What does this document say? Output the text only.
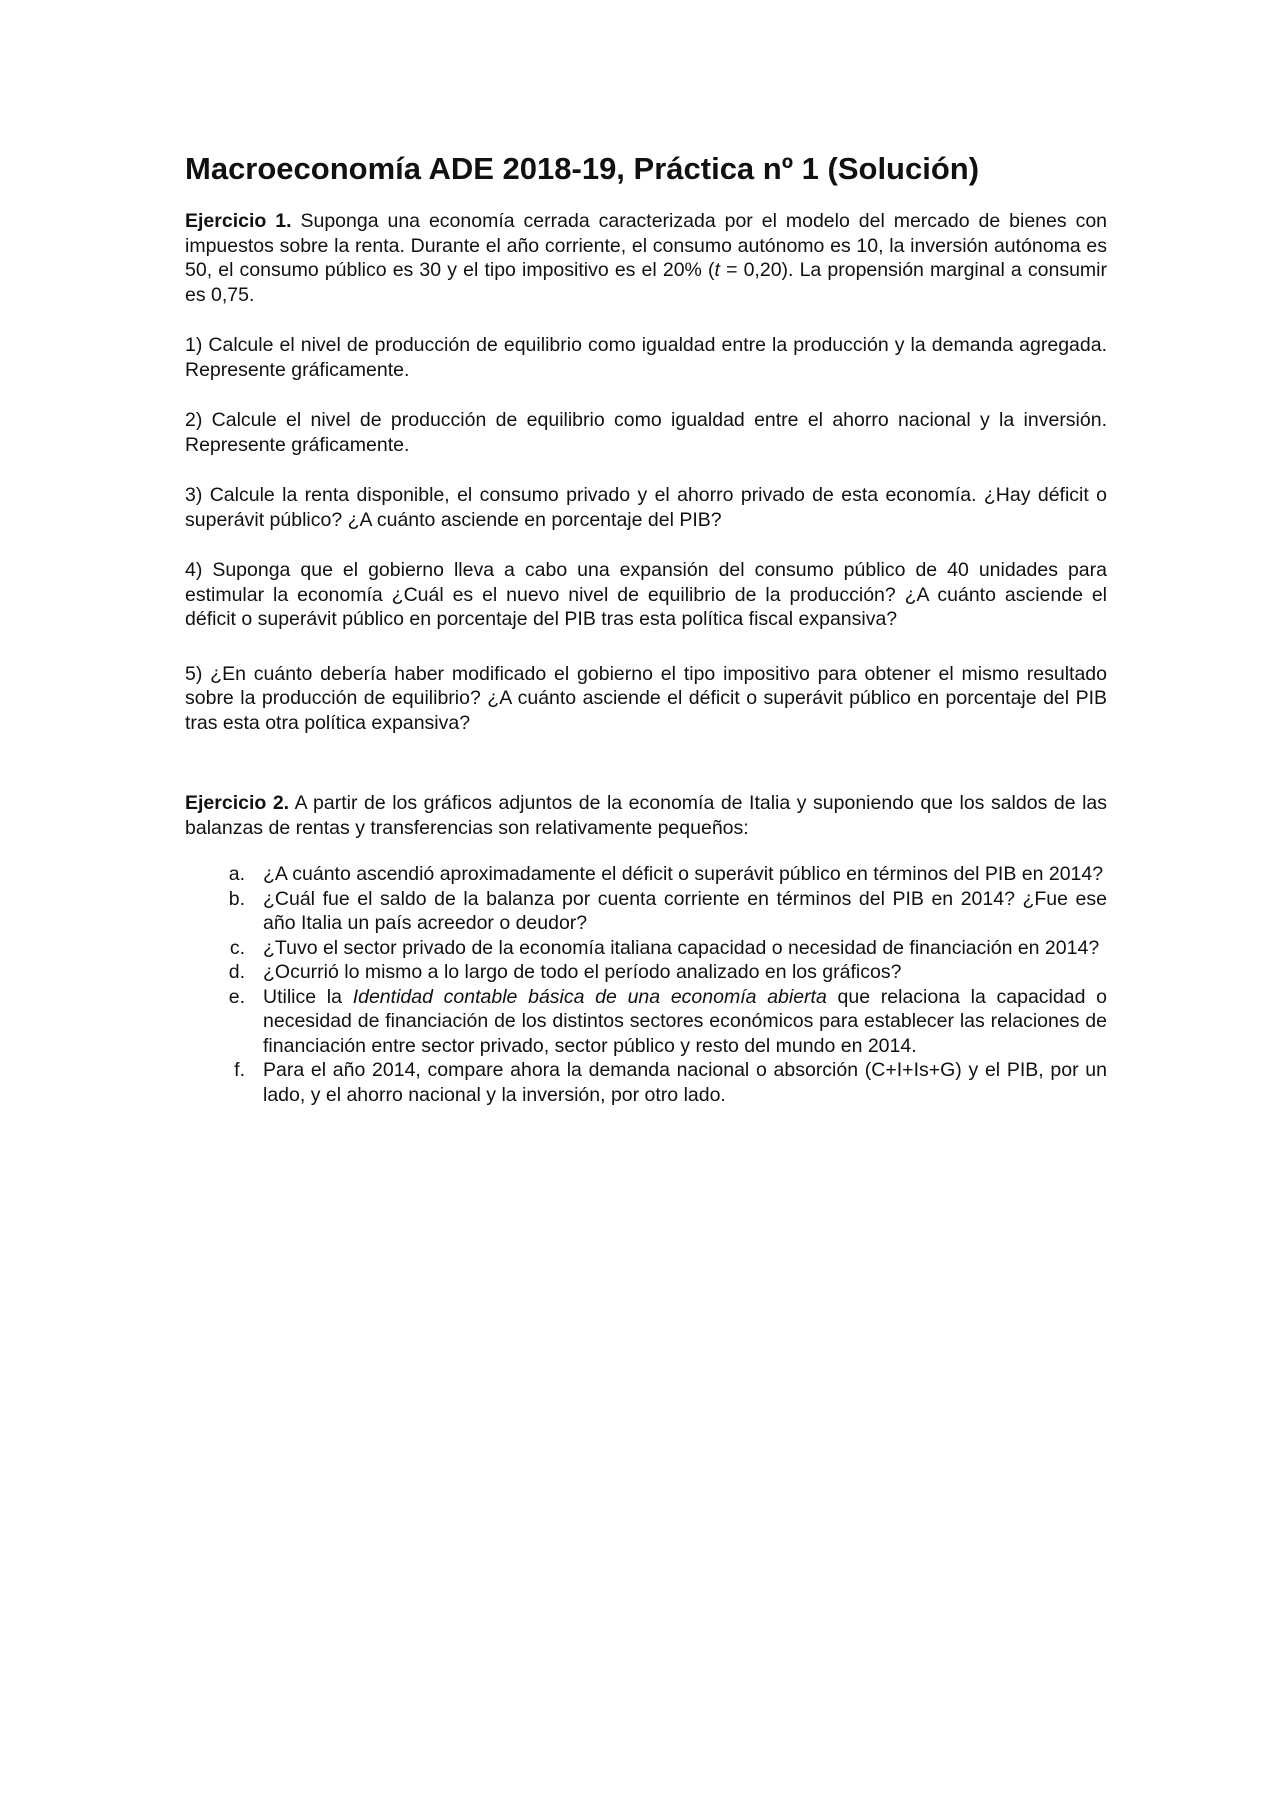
Macroeconomía ADE 2018-19, Práctica nº 1 (Solución)

Ejercicio 1. Suponga una economía cerrada caracterizada por el modelo del mercado de bienes con impuestos sobre la renta. Durante el año corriente, el consumo autónomo es 10, la inversión autónoma es 50, el consumo público es 30 y el tipo impositivo es el 20% (t = 0,20). La propensión marginal a consumir es 0,75.

1) Calcule el nivel de producción de equilibrio como igualdad entre la producción y la demanda agregada. Represente gráficamente.

2) Calcule el nivel de producción de equilibrio como igualdad entre el ahorro nacional y la inversión. Represente gráficamente.

3) Calcule la renta disponible, el consumo privado y el ahorro privado de esta economía. ¿Hay déficit o superávit público? ¿A cuánto asciende en porcentaje del PIB?

4) Suponga que el gobierno lleva a cabo una expansión del consumo público de 40 unidades para estimular la economía ¿Cuál es el nuevo nivel de equilibrio de la producción? ¿A cuánto asciende el déficit o superávit público en porcentaje del PIB tras esta política fiscal expansiva?

5) ¿En cuánto debería haber modificado el gobierno el tipo impositivo para obtener el mismo resultado sobre la producción de equilibrio? ¿A cuánto asciende el déficit o superávit público en porcentaje del PIB tras esta otra política expansiva?

Ejercicio 2. A partir de los gráficos adjuntos de la economía de Italia y suponiendo que los saldos de las balanzas de rentas y transferencias son relativamente pequeños:

a. ¿A cuánto ascendió aproximadamente el déficit o superávit público en términos del PIB en 2014?
b. ¿Cuál fue el saldo de la balanza por cuenta corriente en términos del PIB en 2014? ¿Fue ese año Italia un país acreedor o deudor?
c. ¿Tuvo el sector privado de la economía italiana capacidad o necesidad de financiación en 2014?
d. ¿Ocurrió lo mismo a lo largo de todo el período analizado en los gráficos?
e. Utilice la Identidad contable básica de una economía abierta que relaciona la capacidad o necesidad de financiación de los distintos sectores económicos para establecer las relaciones de financiación entre sector privado, sector público y resto del mundo en 2014.
f. Para el año 2014, compare ahora la demanda nacional o absorción (C+I+Is+G) y el PIB, por un lado, y el ahorro nacional y la inversión, por otro lado.
